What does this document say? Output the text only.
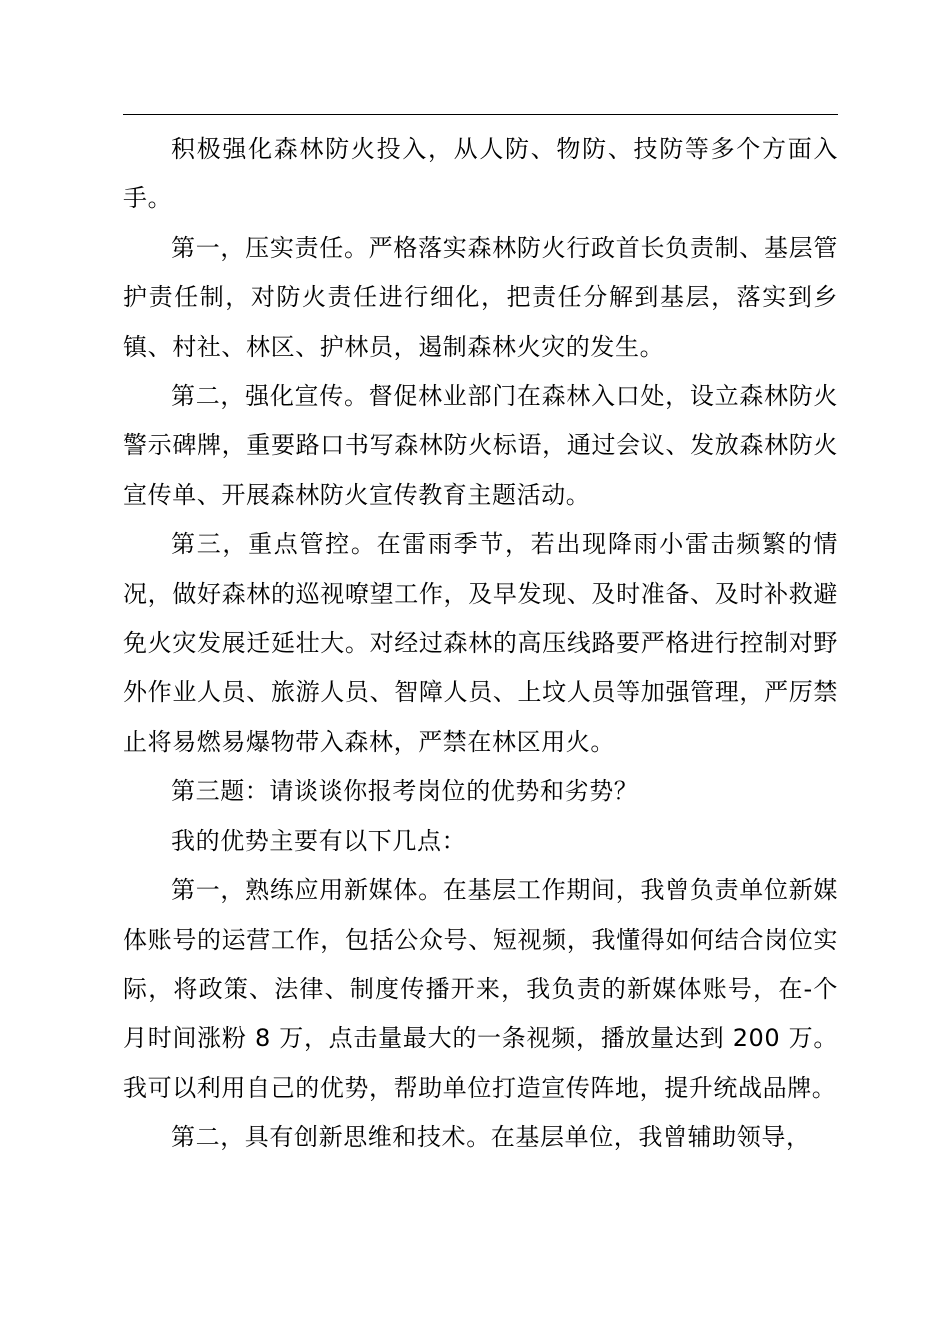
积极强化森林防火投入，从人防、物防、技防等多个方面入手。

第一，压实责任。严格落实森林防火行政首长负责制、基层管护责任制，对防火责任进行细化，把责任分解到基层，落实到乡镇、村社、林区、护林员，遏制森林火灾的发生。

第二，强化宣传。督促林业部门在森林入口处，设立森林防火警示碑牌，重要路口书写森林防火标语，通过会议、发放森林防火宣传单、开展森林防火宣传教育主题活动。

第三，重点管控。在雷雨季节，若出现降雨小雷击频繁的情况，做好森林的巡视嘹望工作，及早发现、及时准备、及时补救避免火灾发展迁延壮大。对经过森林的高压线路要严格进行控制对野外作业人员、旅游人员、智障人员、上坟人员等加强管理，严厉禁止将易燃易爆物带入森林，严禁在林区用火。

第三题：请谈谈你报考岗位的优势和劣势？

我的优势主要有以下几点：

第一，熟练应用新媒体。在基层工作期间，我曾负责单位新媒体账号的运营工作，包括公众号、短视频，我懂得如何结合岗位实际，将政策、法律、制度传播开来，我负责的新媒体账号，在-个月时间涨粉 8 万，点击量最大的一条视频，播放量达到 200 万。我可以利用自己的优势，帮助单位打造宣传阵地，提升统战品牌。

第二，具有创新思维和技术。在基层单位，我曾辅助领导，
